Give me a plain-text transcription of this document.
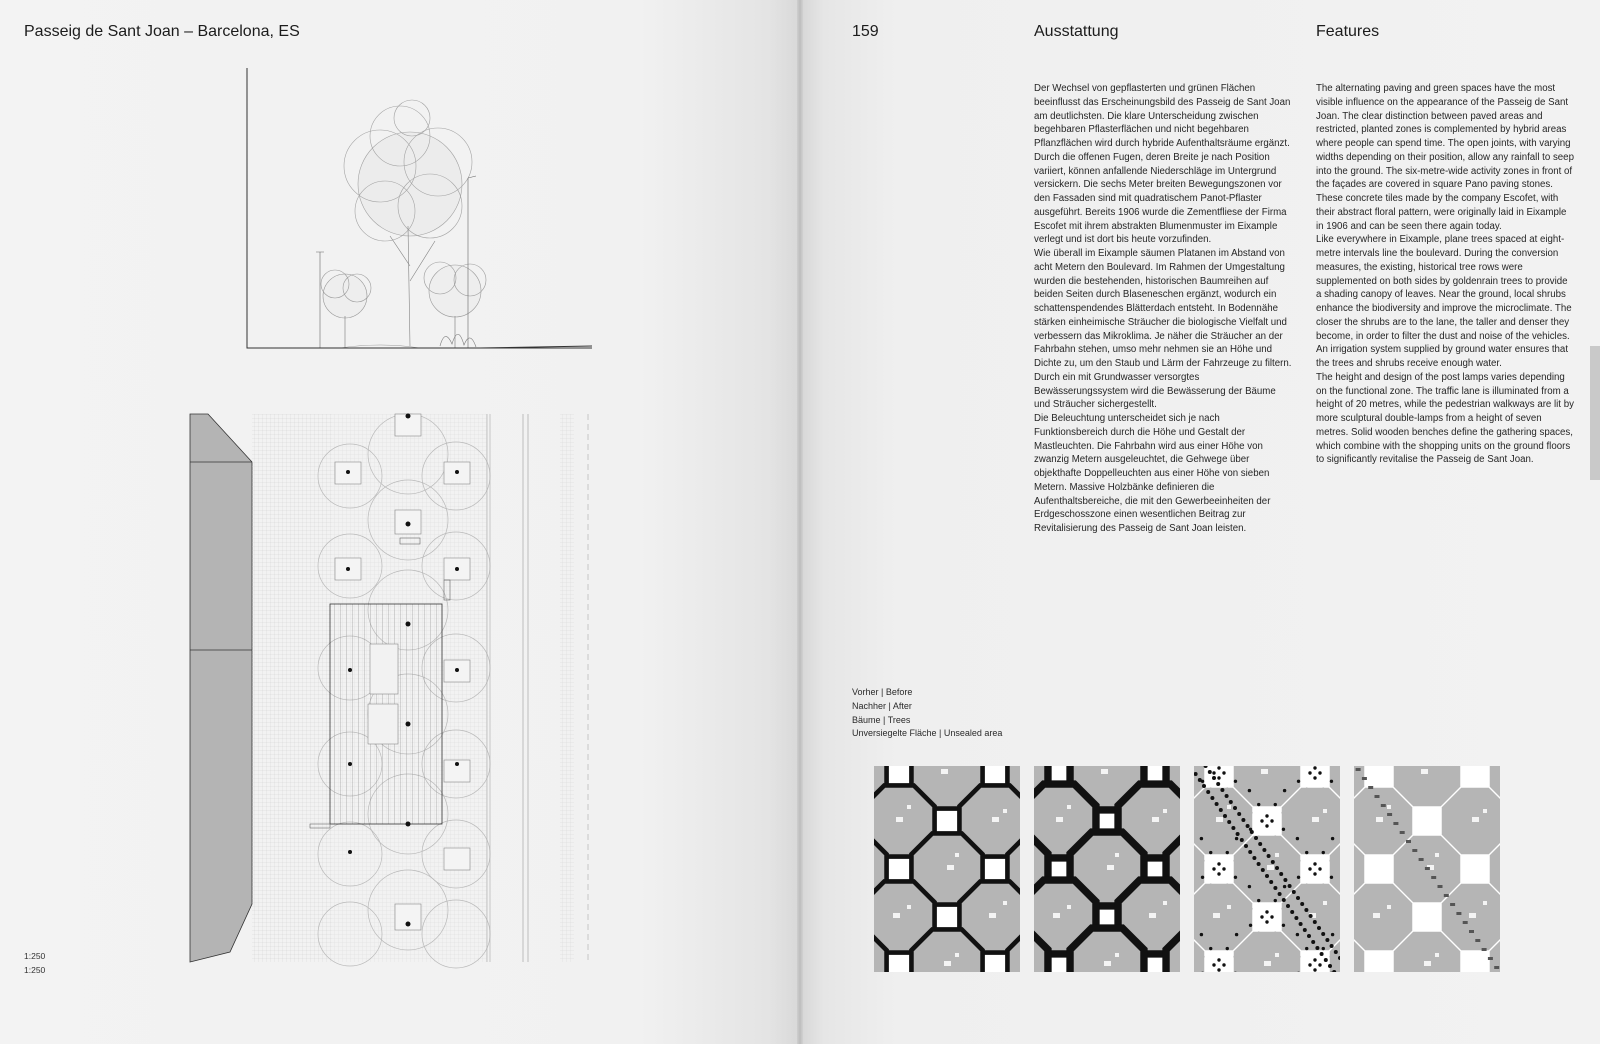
Passeig de Sant Joan – Barcelona, ES
1:250
1:250
159	Ausstattung	Features

Der Wechsel von gepflasterten und grünen Flächen beeinflusst das Erscheinungsbild des Passeig de Sant Joan am deutlichsten. Die klare Unterscheidung zwischen begehbaren Pflasterflächen und nicht begehbaren Pflanzflächen wird durch hybride Aufenthaltsräume ergänzt. Durch die offenen Fugen, deren Breite je nach Position variiert, können anfallende Niederschläge im Untergrund versickern. Die sechs Meter breiten Bewegungszonen vor den Fassaden sind mit quadratischem Panot-Pflaster ausgeführt. Bereits 1906 wurde die Zementfliese der Firma Escofet mit ihrem abstrakten Blumenmuster im Eixample verlegt und ist dort bis heute vorzufinden.

Wie überall im Eixample säumen Platanen im Abstand von acht Metern den Boulevard. Im Rahmen der Umgestaltung wurden die bestehenden, historischen Baumreihen auf beiden Seiten durch Blaseneschen ergänzt, wodurch ein schattenspendendes Blätterdach entsteht. In Bodennähe stärken einheimische Sträucher die biologische Vielfalt und verbessern das Mikroklima. Je näher die Sträucher an der Fahrbahn stehen, umso mehr nehmen sie an Höhe und Dichte zu, um den Staub und Lärm der Fahrzeuge zu filtern. Durch ein mit Grundwasser versorgtes Bewässerungssystem wird die Bewässerung der Bäume und Sträucher sichergestellt.

Die Beleuchtung unterscheidet sich je nach Funktionsbereich durch die Höhe und Gestalt der Mastleuchten. Die Fahrbahn wird aus einer Höhe von zwanzig Metern ausgeleuchtet, die Gehwege über objekthafte Doppelleuchten aus einer Höhe von sieben Metern. Massive Holzbänke definieren die Aufenthaltsbereiche, die mit den Gewerbeeinheiten der Erdgeschosszone einen wesentlichen Beitrag zur Revitalisierung des Passeig de Sant Joan leisten.

The alternating paving and green spaces have the most visible influence on the appearance of the Passeig de Sant Joan. The clear distinction between paved areas and restricted, planted zones is complemented by hybrid areas where people can spend time. The open joints, with varying widths depending on their position, allow any rainfall to seep into the ground. The six-metre-wide activity zones in front of the façades are covered in square Pano paving stones. These concrete tiles made by the company Escofet, with their abstract floral pattern, were originally laid in Eixample in 1906 and can be seen there again today.

Like everywhere in Eixample, plane trees spaced at eight-metre intervals line the boulevard. During the conversion measures, the existing, historical tree rows were supplemented on both sides by goldenrain trees to provide a shading canopy of leaves. Near the ground, local shrubs enhance the biodiversity and improve the microclimate. The closer the shrubs are to the lane, the taller and denser they become, in order to filter the dust and noise of the vehicles. An irrigation system supplied by ground water ensures that the trees and shrubs receive enough water.

The height and design of the post lamps varies depending on the functional zone. The traffic lane is illuminated from a height of 20 metres, while the pedestrian walkways are lit by more sculptural double-lamps from a height of seven metres. Solid wooden benches define the gathering spaces, which combine with the shopping units on the ground floors to significantly revitalise the Passeig de Sant Joan.

Vorher | Before
Nachher | After
Bäume | Trees
Unversiegelte Fläche | Unsealed area
